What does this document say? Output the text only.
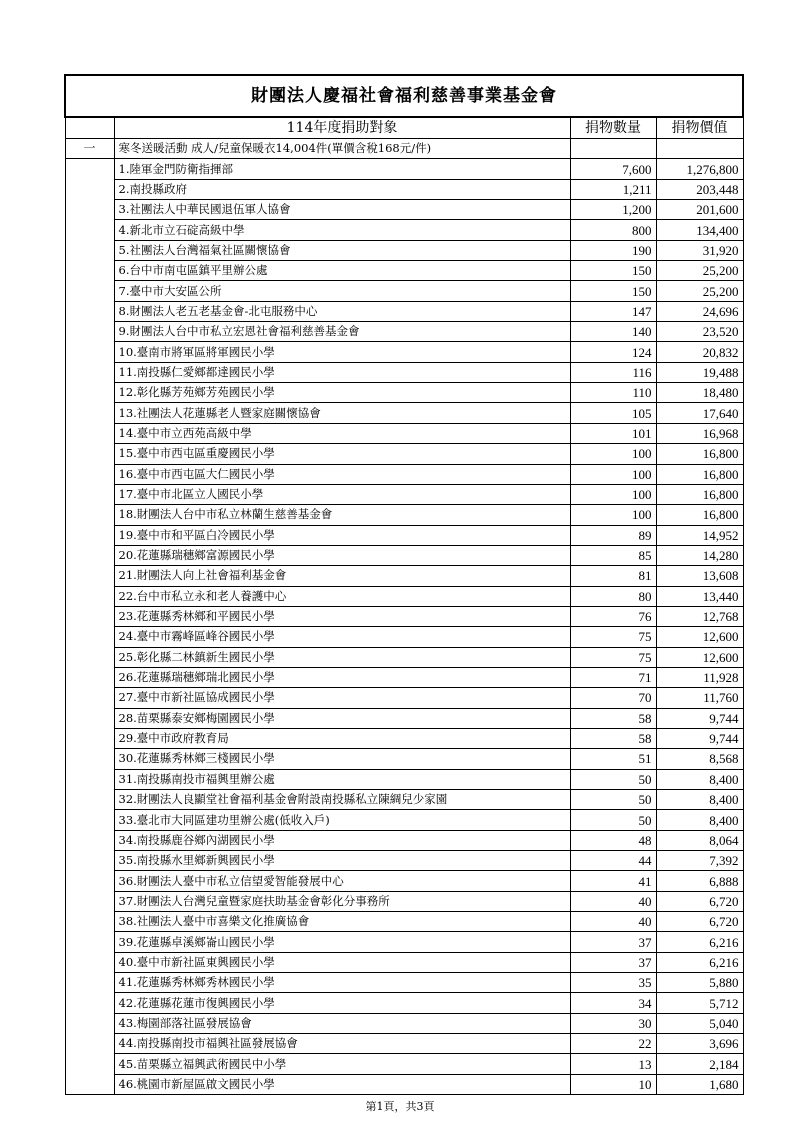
財團法人慶福社會福利慈善事業基金會			
	114年度捐助對象	捐物數量	捐物價值
一	寒冬送暖活動 成人/兒童保暖衣14,004件(單價含稅168元/件)		
	1.陸軍金門防衛指揮部	7,600	1,276,800
	2.南投縣政府	1,211	203,448
	3.社團法人中華民國退伍軍人協會	1,200	201,600
	4.新北市立石碇高級中學	800	134,400
	5.社團法人台灣福氣社區關懷協會	190	31,920
	6.台中市南屯區鎮平里辦公處	150	25,200
	7.臺中市大安區公所	150	25,200
	8.財團法人老五老基金會-北屯服務中心	147	24,696
	9.財團法人台中市私立宏恩社會福利慈善基金會	140	23,520
	10.臺南市將軍區將軍國民小學	124	20,832
	11.南投縣仁愛鄉都達國民小學	116	19,488
	12.彰化縣芳苑鄉芳苑國民小學	110	18,480
	13.社團法人花蓮縣老人暨家庭關懷協會	105	17,640
	14.臺中市立西苑高級中學	101	16,968
	15.臺中市西屯區重慶國民小學	100	16,800
	16.臺中市西屯區大仁國民小學	100	16,800
	17.臺中市北區立人國民小學	100	16,800
	18.財團法人台中市私立林蘭生慈善基金會	100	16,800
	19.臺中市和平區白冷國民小學	89	14,952
	20.花蓮縣瑞穗鄉富源國民小學	85	14,280
	21.財團法人向上社會福利基金會	81	13,608
	22.台中市私立永和老人養護中心	80	13,440
	23.花蓮縣秀林鄉和平國民小學	76	12,768
	24.臺中市霧峰區峰谷國民小學	75	12,600
	25.彰化縣二林鎮新生國民小學	75	12,600
	26.花蓮縣瑞穗鄉瑞北國民小學	71	11,928
	27.臺中市新社區協成國民小學	70	11,760
	28.苗栗縣泰安鄉梅園國民小學	58	9,744
	29.臺中市政府教育局	58	9,744
	30.花蓮縣秀林鄉三棧國民小學	51	8,568
	31.南投縣南投市福興里辦公處	50	8,400
	32.財團法人良顯堂社會福利基金會附設南投縣私立陳綢兒少家園	50	8,400
	33.臺北市大同區建功里辦公處(低收入戶)	50	8,400
	34.南投縣鹿谷鄉內湖國民小學	48	8,064
	35.南投縣水里鄉新興國民小學	44	7,392
	36.財團法人臺中市私立信望愛智能發展中心	41	6,888
	37.財團法人台灣兒童暨家庭扶助基金會彰化分事務所	40	6,720
	38.社團法人臺中市喜樂文化推廣協會	40	6,720
	39.花蓮縣卓溪鄉崙山國民小學	37	6,216
	40.臺中市新社區東興國民小學	37	6,216
	41.花蓮縣秀林鄉秀林國民小學	35	5,880
	42.花蓮縣花蓮市復興國民小學	34	5,712
	43.梅園部落社區發展協會	30	5,040
	44.南投縣南投市福興社區發展協會	22	3,696
	45.苗栗縣立福興武術國民中小學	13	2,184
	46.桃園市新屋區啟文國民小學	10	1,680
第1頁，共3頁
